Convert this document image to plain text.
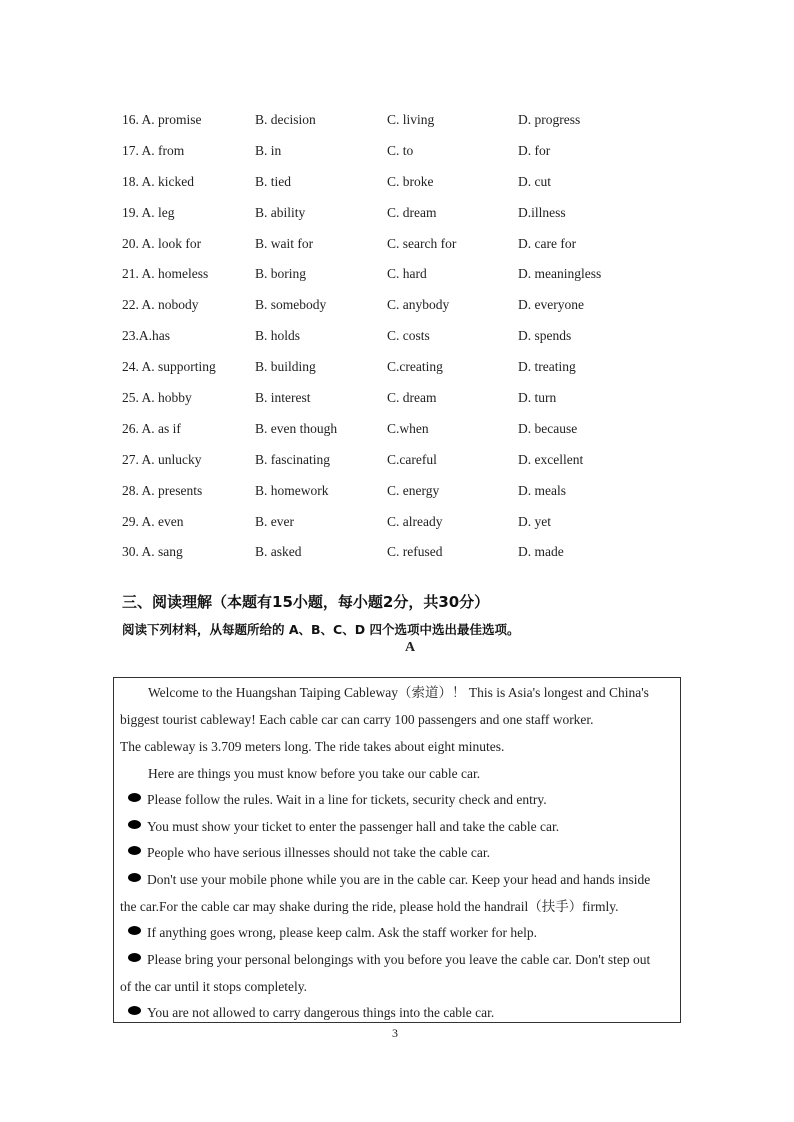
16. A. promise	B. decision	C. living	D. progress
17. A. from	B. in	C. to	D. for
18. A. kicked	B. tied	C. broke	D. cut
19. A. leg	B. ability	C. dream	D.illness
20. A. look for	B. wait for	C. search for	D. care for
21. A. homeless	B. boring	C. hard	D. meaningless
22. A. nobody	B. somebody	C. anybody	D. everyone
23.A.has	B. holds	C. costs	D. spends
24. A. supporting	B. building	C.creating	D. treating
25. A. hobby	B. interest	C. dream	D. turn
26. A. as if	B. even though	C.when	D. because
27. A. unlucky	B. fascinating	C.careful	D. excellent
28. A. presents	B. homework	C. energy	D. meals
29. A. even	B. ever	C. already	D. yet
30. A. sang	B. asked	C. refused	D. made
三、阅读理解（本题有15小题，每小题2分，共30分）
阅读下列材料，从每题所给的 A、B、C、D 四个选项中选出最佳选项。
A
Welcome to the Huangshan Taiping Cableway（索道）！ This is Asia's longest and China's
biggest tourist cableway! Each cable car can carry 100 passengers and one staff worker.
The cableway is 3.709 meters long. The ride takes about eight minutes.
Here are things you must know before you take our cable car.
Please follow the rules. Wait in a line for tickets, security check and entry.
You must show your ticket to enter the passenger hall and take the cable car.
People who have serious illnesses should not take the cable car.
Don't use your mobile phone while you are in the cable car. Keep your head and hands inside
the car.For the cable car may shake during the ride, please hold the handrail（扶手）firmly.
If anything goes wrong, please keep calm. Ask the staff worker for help.
Please bring your personal belongings with you before you leave the cable car. Don't step out
of the car until it stops completely.
You are not allowed to carry dangerous things into the cable car.
3
